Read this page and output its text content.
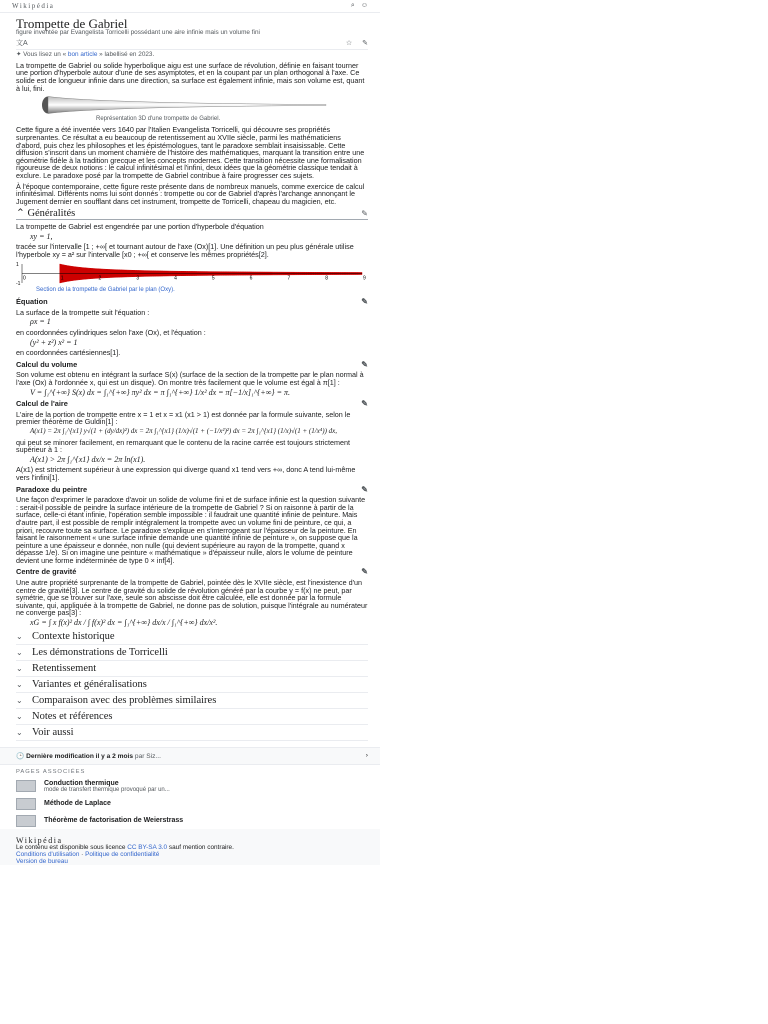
Wikipédia	⌕ ☺
Trompette de Gabriel
figure inventée par Evangelista Torricelli possédant une aire infinie mais un volume fini
文A	☆ ✎
✦ Vous lisez un « bon article » labellisé en 2023.

La trompette de Gabriel ou solide hyperbolique aigu est une surface de révolution, définie en faisant tourner une portion d'hyperbole autour d'une de ses asymptotes, et en la coupant par un plan orthogonal à l'axe. Ce solide est de longueur infinie dans une direction, sa surface est également infinie, mais son volume est, quant à lui, fini.

Représentation 3D d'une trompette de Gabriel.

Cette figure a été inventée vers 1640 par l'Italien Evangelista Torricelli, qui découvre ses propriétés surprenantes. Ce résultat a eu beaucoup de retentissement au XVIIe siècle, parmi les mathématiciens d'abord, puis chez les philosophes et les épistémologues, tant le paradoxe semblait insaisissable. Cette diffusion s'inscrit dans un moment charnière de l'histoire des mathématiques, marquant la transition entre une géométrie fidèle à la tradition grecque et les concepts modernes. Cette transition nécessite une formalisation rigoureuse de deux notions : le calcul infinitésimal et l'infini, deux idées que la géométrie classique tendait à exclure. Le paradoxe posé par la trompette de Gabriel contribue à faire progresser ces sujets.

À l'époque contemporaine, cette figure reste présente dans de nombreux manuels, comme exercice de calcul infinitésimal. Différents noms lui sont donnés : trompette ou cor de Gabriel d'après l'archange annonçant le Jugement dernier en soufflant dans cet instrument, trompette de Torricelli, chapeau du magicien, etc.

⌃ Généralités	✎

La trompette de Gabriel est engendrée par une portion d'hyperbole d'équation

xy = 1,

tracée sur l'intervalle [1 ; +∞[ et tournant autour de l'axe (Ox)[1]. Une définition un peu plus générale utilise l'hyperbole xy = a² sur l'intervalle [x0 ; +∞[ et conserve les mêmes propriétés[2].

0	1	2	3	4	5	6	7	8	9
-1
1
Section de la trompette de Gabriel par le plan (Oxy).
Équation	✎

La surface de la trompette suit l'équation :

ρx = 1

en coordonnées cylindriques selon l'axe (Ox), et l'équation :

(y² + z²) x² = 1

en coordonnées cartésiennes[1].

Calcul du volume	✎

Son volume est obtenu en intégrant la surface S(x) (surface de la section de la trompette par le plan normal à l'axe (Ox) à l'ordonnée x, qui est un disque). On montre très facilement que le volume est égal à π[1] :

V = ∫₁^{+∞} S(x) dx = ∫₁^{+∞} πy² dx = π ∫₁^{+∞} 1/x² dx = π[−1/x]₁^{+∞} = π.
Calcul de l'aire	✎

L'aire de la portion de trompette entre x = 1 et x = x1 (x1 > 1) est donnée par la formule suivante, selon le premier théorème de Guldin[1] :

A(x1) = 2π ∫₁^{x1} y√(1 + (dy/dx)²) dx = 2π ∫₁^{x1} (1/x)√(1 + (−1/x²)²) dx = 2π ∫₁^{x1} (1/x)√(1 + (1/x⁴)) dx,

qui peut se minorer facilement, en remarquant que le contenu de la racine carrée est toujours strictement supérieur à 1 :

A(x1) > 2π ∫₁^{x1} dx/x = 2π ln(x1).

A(x1) est strictement supérieur à une expression qui diverge quand x1 tend vers +∞, donc A tend lui-même vers l'infini[1].

Paradoxe du peintre	✎

Une façon d'exprimer le paradoxe d'avoir un solide de volume fini et de surface infinie est la question suivante : serait-il possible de peindre la surface intérieure de la trompette de Gabriel ? Si on raisonne à partir de la surface, celle-ci étant infinie, l'opération semble impossible : il faudrait une quantité infinie de peinture. Mais d'autre part, il est possible de remplir intégralement la trompette avec un volume fini de peinture, ce qui, a priori, recouvre toute sa surface. Le paradoxe s'explique en s'interrogeant sur l'épaisseur de la peinture. En faisant le raisonnement « une surface infinie demande une quantité infinie de peinture », on suppose que la peinture a une épaisseur e donnée, non nulle (qui devient supérieure au rayon de la trompette, quand x dépasse 1/e). Si on imagine une peinture « mathématique » d'épaisseur nulle, alors le volume de peinture devient une forme indéterminée de type 0 × inf[4].

Centre de gravité	✎

Une autre propriété surprenante de la trompette de Gabriel, pointée dès le XVIIe siècle, est l'inexistence d'un centre de gravité[3]. Le centre de gravité du solide de révolution généré par la courbe y = f(x) ne peut, par symétrie, que se trouver sur l'axe, seule son abscisse doit être calculée, elle est donnée par la formule suivante, qui, appliquée à la trompette de Gabriel, ne donne pas de solution, puisque l'intégrale au numérateur ne converge pas[3] :

xG = ∫ x f(x)² dx / ∫ f(x)² dx = ∫₁^{+∞} dx/x / ∫₁^{+∞} dx/x².
⌄ Contexte historique
⌄ Les démonstrations de Torricelli
⌄ Retentissement
⌄ Variantes et généralisations
⌄ Comparaison avec des problèmes similaires
⌄ Notes et références
⌄ Voir aussi
🕒 Dernière modification il y a 2 mois par Siz...	›
PAGES ASSOCIÉES
Conduction thermique
mode de transfert thermique provoqué par un...
Méthode de Laplace
Théorème de factorisation de Weierstrass
Wikipédia
Le contenu est disponible sous licence CC BY-SA 3.0 sauf mention contraire.
Conditions d'utilisation · Politique de confidentialité
Version de bureau
